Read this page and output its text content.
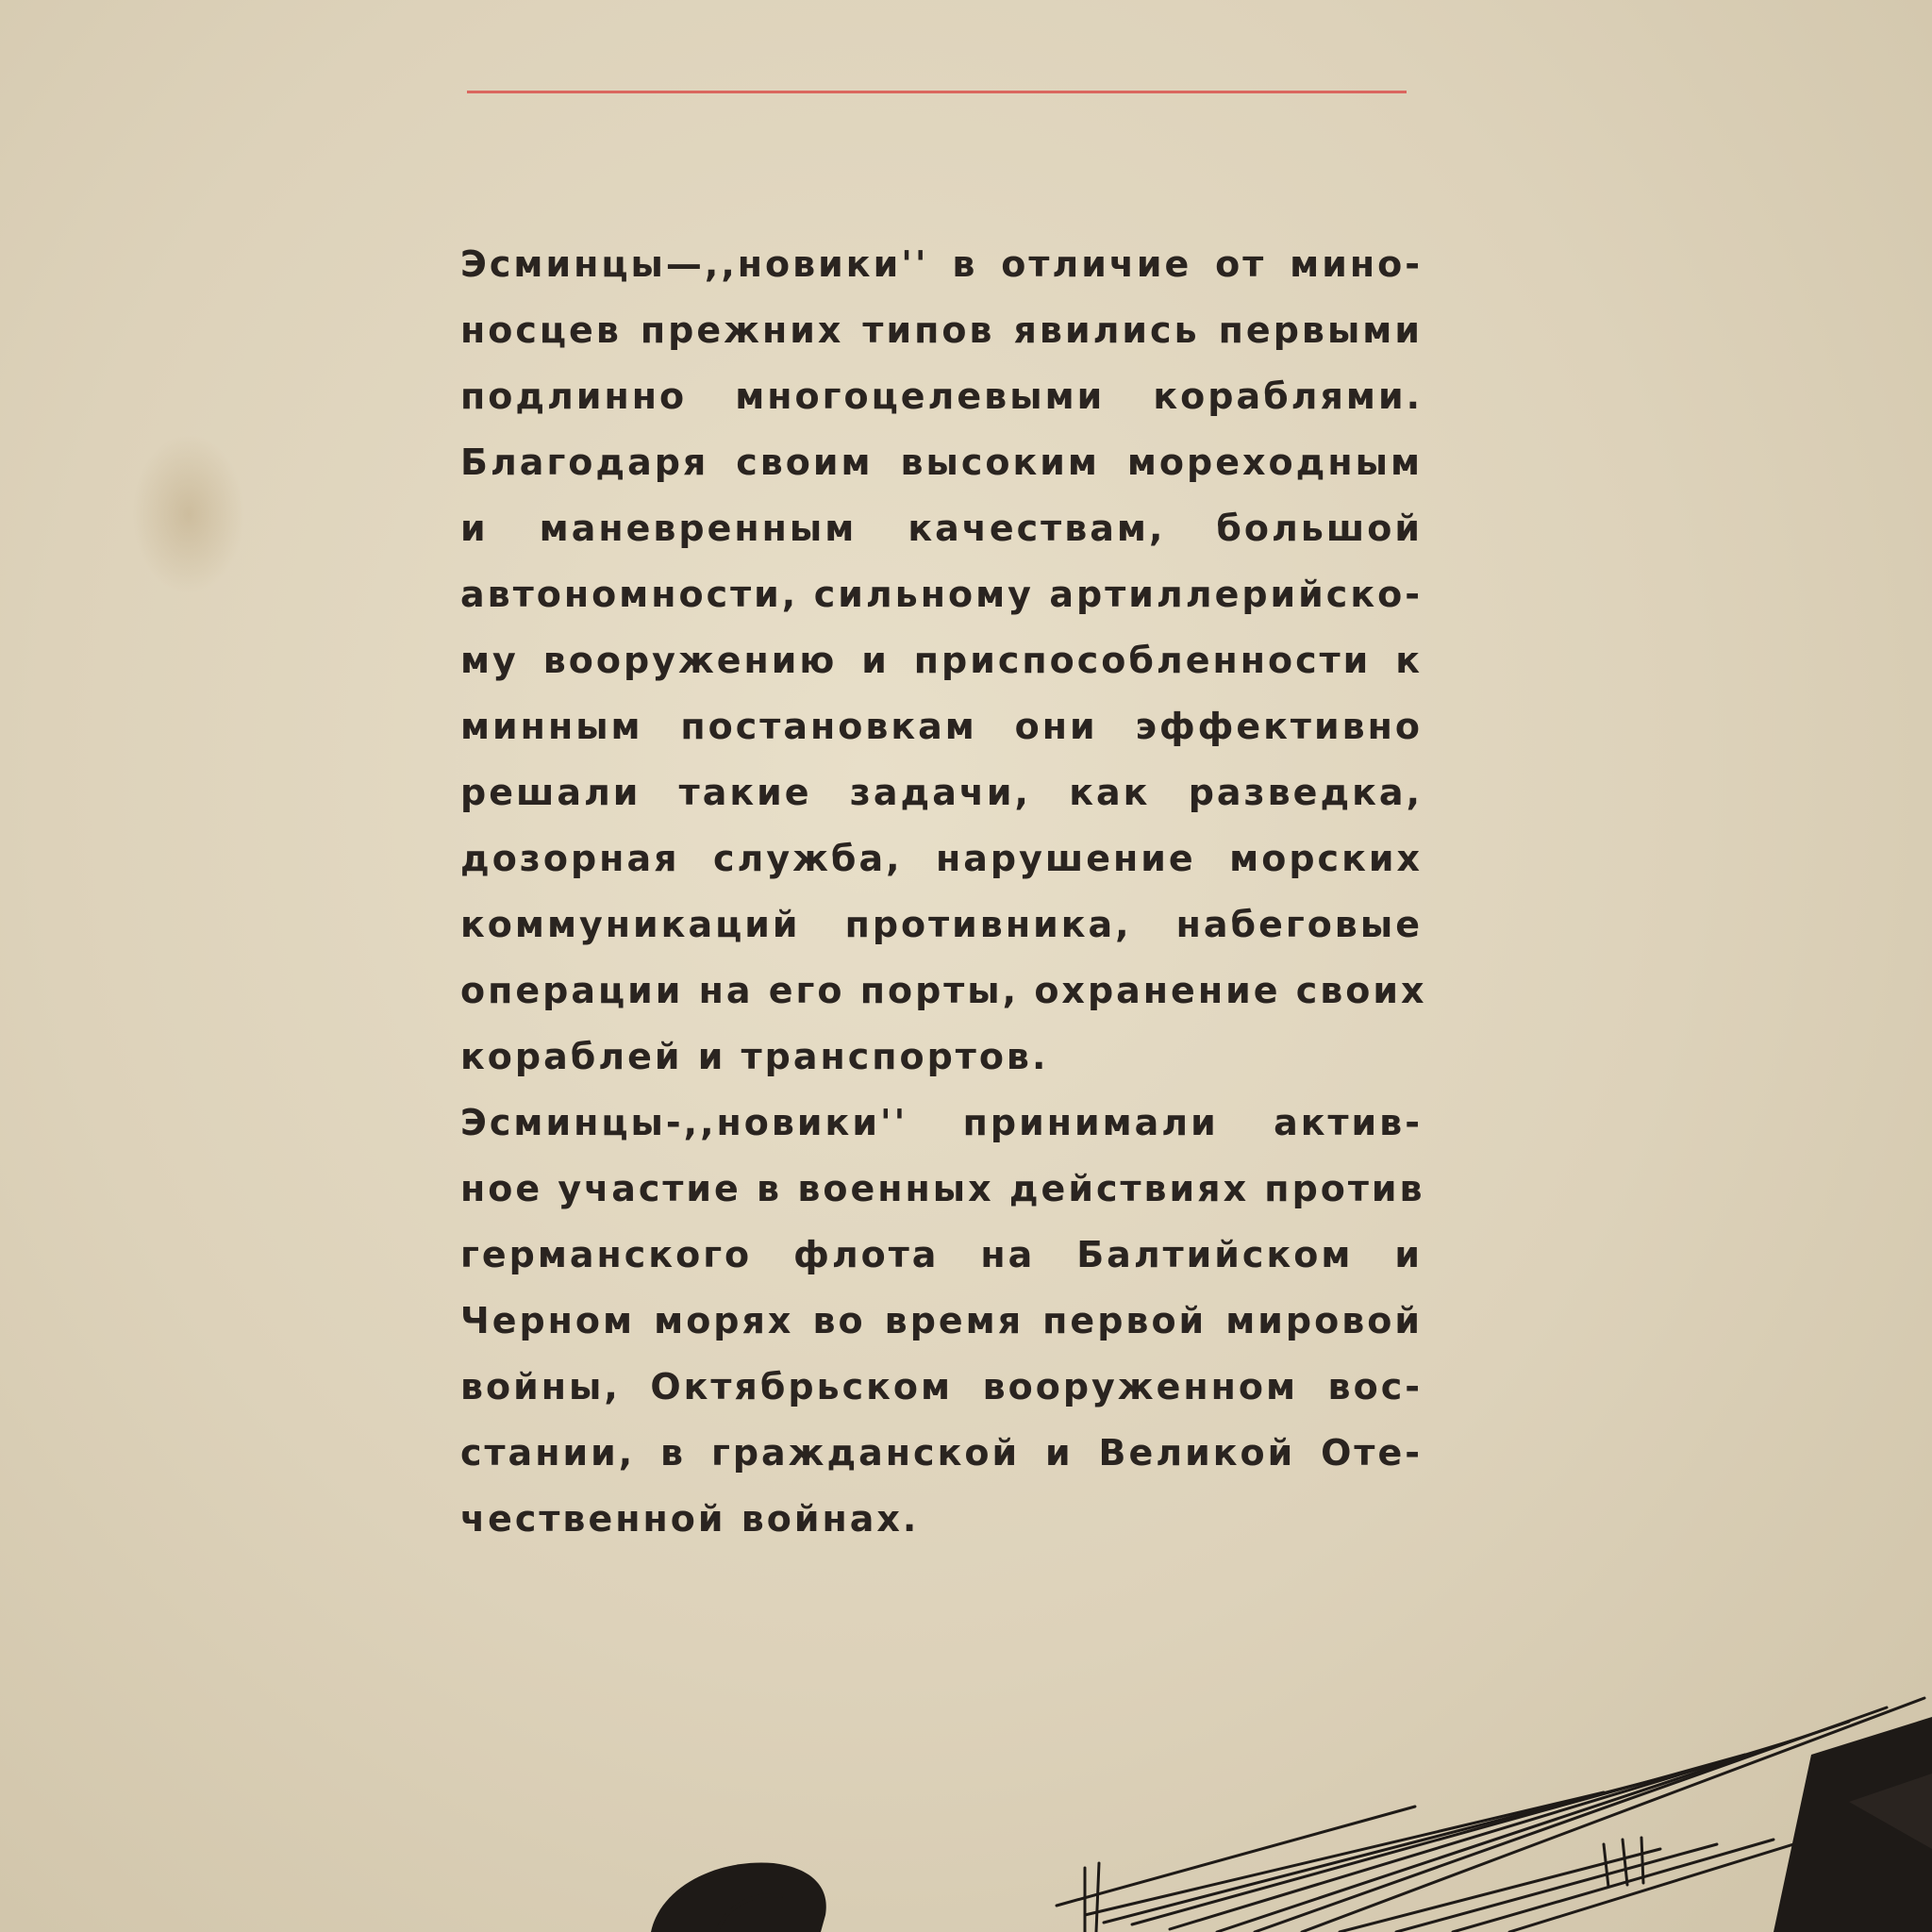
Эсминцы—,,новики'' в отличие от мино-
носцев прежних типов явились первыми
подлинно многоцелевыми кораблями.
Благодаря своим высоким мореходным
и маневренным качествам, большой
автономности, сильному артиллерийско-
му вооружению и приспособленности к
минным постановкам они эффективно
решали такие задачи, как разведка,
дозорная служба, нарушение морских
коммуникаций противника, набеговые
операции на его порты, охранение своих
кораблей и транспортов.
Эсминцы-,,новики'' принимали актив-
ное участие в военных действиях против
германского флота на Балтийском и
Черном морях во время первой мировой
войны, Октябрьском вооруженном вос-
стании, в гражданской и Великой Оте-
чественной войнах.
